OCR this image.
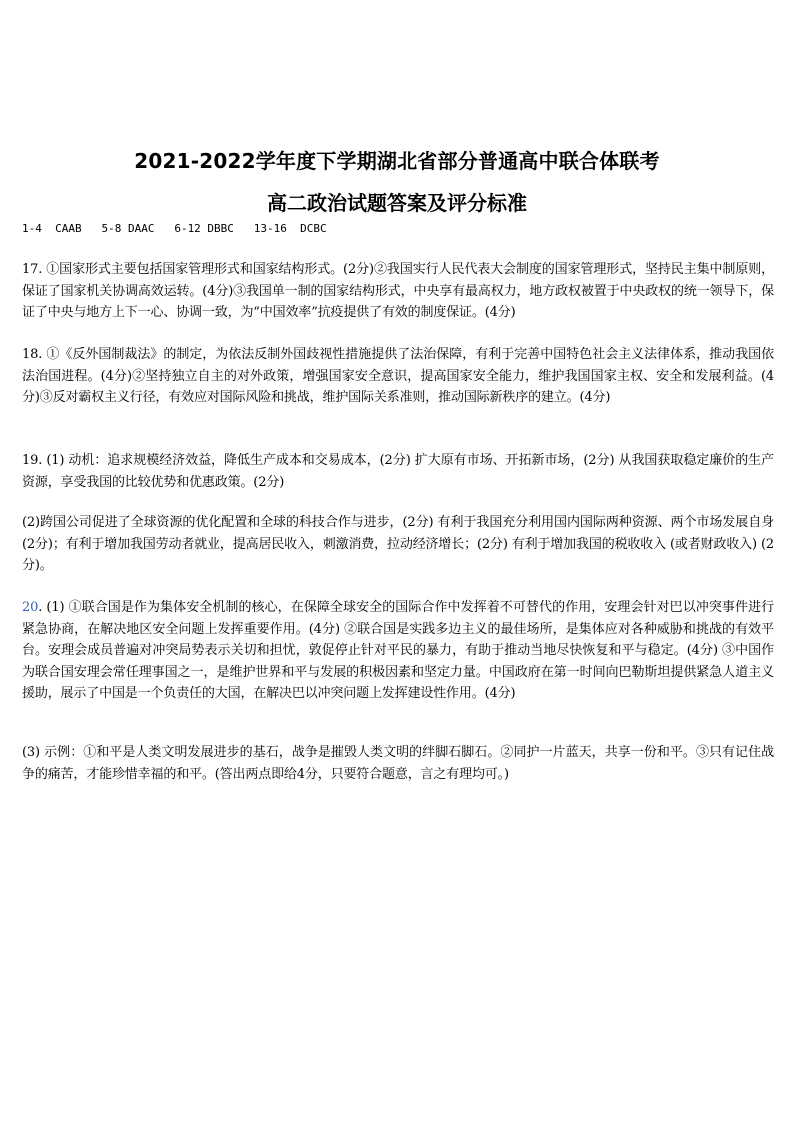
2021-2022学年度下学期湖北省部分普通高中联合体联考
高二政治试题答案及评分标准
1-4  CAAB   5-8 DAAC   6-12 DBBC   13-16  DCBC
17. ①国家形式主要包括国家管理形式和国家结构形式。(2分)②我国实行人民代表大会制度的国家管理形式，坚持民主集中制原则，保证了国家机关协调高效运转。(4分)③我国单一制的国家结构形式，中央享有最高权力，地方政权被置于中央政权的统一领导下，保证了中央与地方上下一心、协调一致，为“中国效率”抗疫提供了有效的制度保证。(4分)
18. ①《反外国制裁法》的制定，为依法反制外国歧视性措施提供了法治保障，有利于完善中国特色社会主义法律体系，推动我国依法治国进程。(4分)②坚持独立自主的对外政策，增强国家安全意识，提高国家安全能力，维护我国国家主权、安全和发展利益。(4分)③反对霸权主义行径，有效应对国际风险和挑战，维护国际关系准则，推动国际新秩序的建立。(4分)
19. (1) 动机：追求规模经济效益，降低生产成本和交易成本，(2分) 扩大原有市场、开拓新市场，(2分) 从我国获取稳定廉价的生产资源，享受我国的比较优势和优惠政策。(2分)
(2)跨国公司促进了全球资源的优化配置和全球的科技合作与进步，(2分) 有利于我国充分利用国内国际两种资源、两个市场发展自身 (2分)；有利于增加我国劳动者就业，提高居民收入，刺激消费，拉动经济增长；(2分) 有利于增加我国的税收收入 (或者财政收入) (2分)。
20. (1) ①联合国是作为集体安全机制的核心，在保障全球安全的国际合作中发挥着不可替代的作用，安理会针对巴以冲突事件进行紧急协商，在解决地区安全问题上发挥重要作用。(4分) ②联合国是实践多边主义的最佳场所，是集体应对各种威胁和挑战的有效平台。安理会成员普遍对冲突局势表示关切和担忧，敦促停止针对平民的暴力，有助于推动当地尽快恢复和平与稳定。(4分) ③中国作为联合国安理会常任理事国之一，是维护世界和平与发展的积极因素和坚定力量。中国政府在第一时间向巴勒斯坦提供紧急人道主义援助，展示了中国是一个负责任的大国，在解决巴以冲突问题上发挥建设性作用。(4分)
(3) 示例：①和平是人类文明发展进步的基石，战争是摧毁人类文明的绊脚石脚石。②同护一片蓝天，共享一份和平。③只有记住战争的痛苦，才能珍惜幸福的和平。(答出两点即给4分，只要符合题意，言之有理均可。)
